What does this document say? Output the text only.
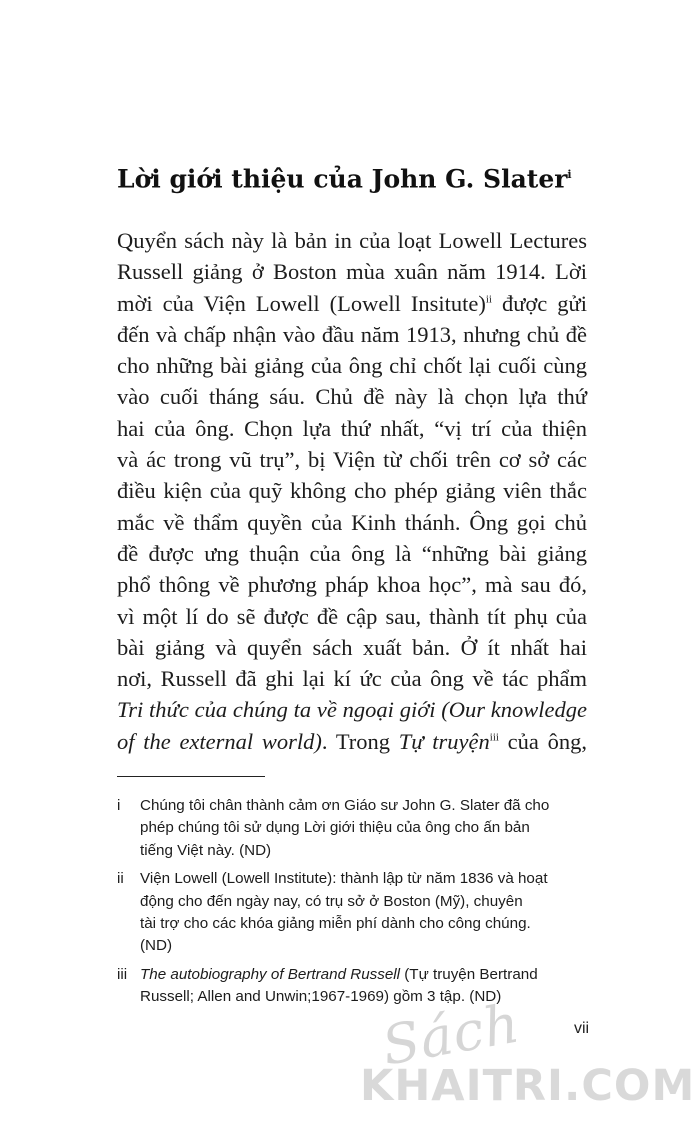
Lời giới thiệu của John G. Slater$^i$
Quyển sách này là bản in của loạt Lowell Lectures
Russell giảng ở Boston mùa xuân năm 1914. Lời
mời của Viện Lowell (Lowell Insitute)$^{ii}$ được gửi
đến và chấp nhận vào đầu năm 1913, nhưng chủ đề
cho những bài giảng của ông chỉ chốt lại cuối cùng
vào cuối tháng sáu. Chủ đề này là chọn lựa thứ
hai của ông. Chọn lựa thứ nhất, “vị trí của thiện
và ác trong vũ trụ”, bị Viện từ chối trên cơ sở các
điều kiện của quỹ không cho phép giảng viên thắc
mắc về thẩm quyền của Kinh thánh. Ông gọi chủ
đề được ưng thuận của ông là “những bài giảng
phổ thông về phương pháp khoa học”, mà sau đó,
vì một lí do sẽ được đề cập sau, thành tít phụ của
bài giảng và quyển sách xuất bản. Ở ít nhất hai
nơi, Russell đã ghi lại kí ức của ông về tác phẩm
Tri thức của chúng ta về ngoại giới (Our knowledge
of the external world). Trong Tự truyện$^{iii}$ của ông,
i	Chúng tôi chân thành cảm ơn Giáo sư John G. Slater đã cho
phép chúng tôi sử dụng Lời giới thiệu của ông cho ấn bản
tiếng Việt này. (ND)
ii	Viện Lowell (Lowell Institute): thành lập từ năm 1836 và hoạt
động cho đến ngày nay, có trụ sở ở Boston (Mỹ), chuyên
tài trợ cho các khóa giảng miễn phí dành cho công chúng.
(ND)
iii The autobiography of Bertrand Russell (Tự truyện Bertrand
Russell; Allen and Unwin;1967-1969) gồm 3 tập. (ND)
vii
Sách
KHAITRI.COM
